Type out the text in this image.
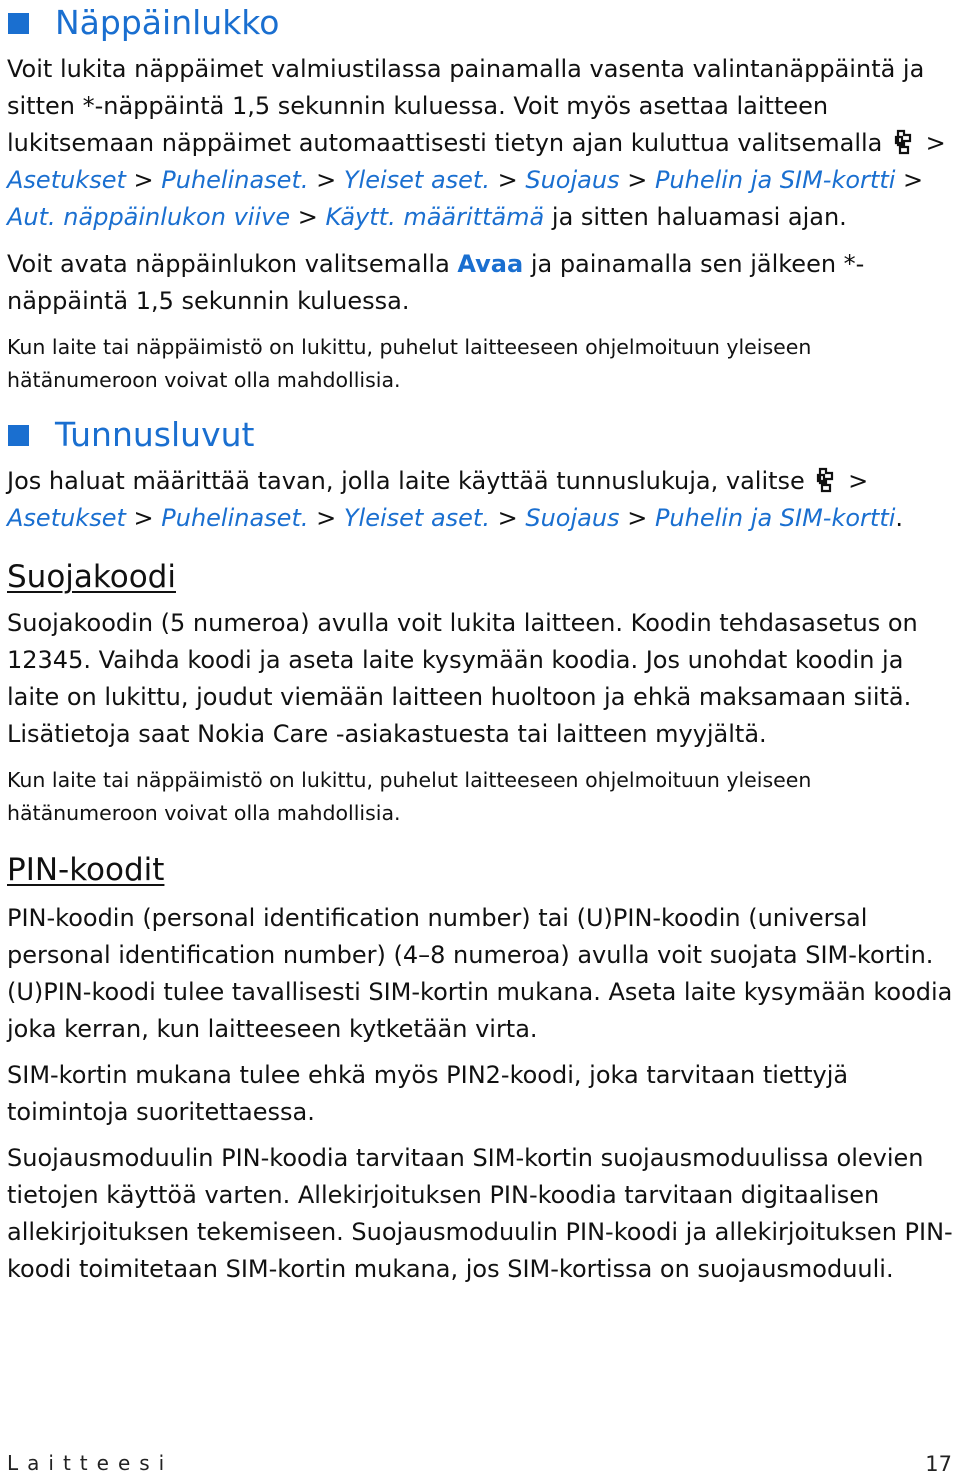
Näppäinlukko

Voit lukita näppäimet valmiustilassa painamalla vasenta valintanäppäintä ja sitten *-näppäintä 1,5 sekunnin kuluessa. Voit myös asettaa laitteen lukitsemaan näppäimet automaattisesti tietyn ajan kuluttua valitsemalla  > Asetukset > Puhelinaset. > Yleiset aset. > Suojaus > Puhelin ja SIM-kortti > Aut. näppäinlukon viive > Käytt. määrittämä ja sitten haluamasi ajan.

Voit avata näppäinlukon valitsemalla Avaa ja painamalla sen jälkeen *-näppäintä 1,5 sekunnin kuluessa.

Kun laite tai näppäimistö on lukittu, puhelut laitteeseen ohjelmoituun yleiseen hätänumeroon voivat olla mahdollisia.

Tunnusluvut

Jos haluat määrittää tavan, jolla laite käyttää tunnuslukuja, valitse  > Asetukset > Puhelinaset. > Yleiset aset. > Suojaus > Puhelin ja SIM-kortti.

Suojakoodi

Suojakoodin (5 numeroa) avulla voit lukita laitteen. Koodin tehdasasetus on 12345. Vaihda koodi ja aseta laite kysymään koodia. Jos unohdat koodin ja laite on lukittu, joudut viemään laitteen huoltoon ja ehkä maksamaan siitä. Lisätietoja saat Nokia Care -asiakastuesta tai laitteen myyjältä.

Kun laite tai näppäimistö on lukittu, puhelut laitteeseen ohjelmoituun yleiseen hätänumeroon voivat olla mahdollisia.

PIN-koodit

PIN-koodin (personal identification number) tai (U)PIN-koodin (universal personal identification number) (4–8 numeroa) avulla voit suojata SIM-kortin. (U)PIN-koodi tulee tavallisesti SIM-kortin mukana. Aseta laite kysymään koodia joka kerran, kun laitteeseen kytketään virta.

SIM-kortin mukana tulee ehkä myös PIN2-koodi, joka tarvitaan tiettyjä toimintoja suoritettaessa.

Suojausmoduulin PIN-koodia tarvitaan SIM-kortin suojausmoduulissa olevien tietojen käyttöä varten. Allekirjoituksen PIN-koodia tarvitaan digitaalisen allekirjoituksen tekemiseen. Suojausmoduulin PIN-koodi ja allekirjoituksen PIN-koodi toimitetaan SIM-kortin mukana, jos SIM-kortissa on suojausmoduuli.

Laitteesi	17
